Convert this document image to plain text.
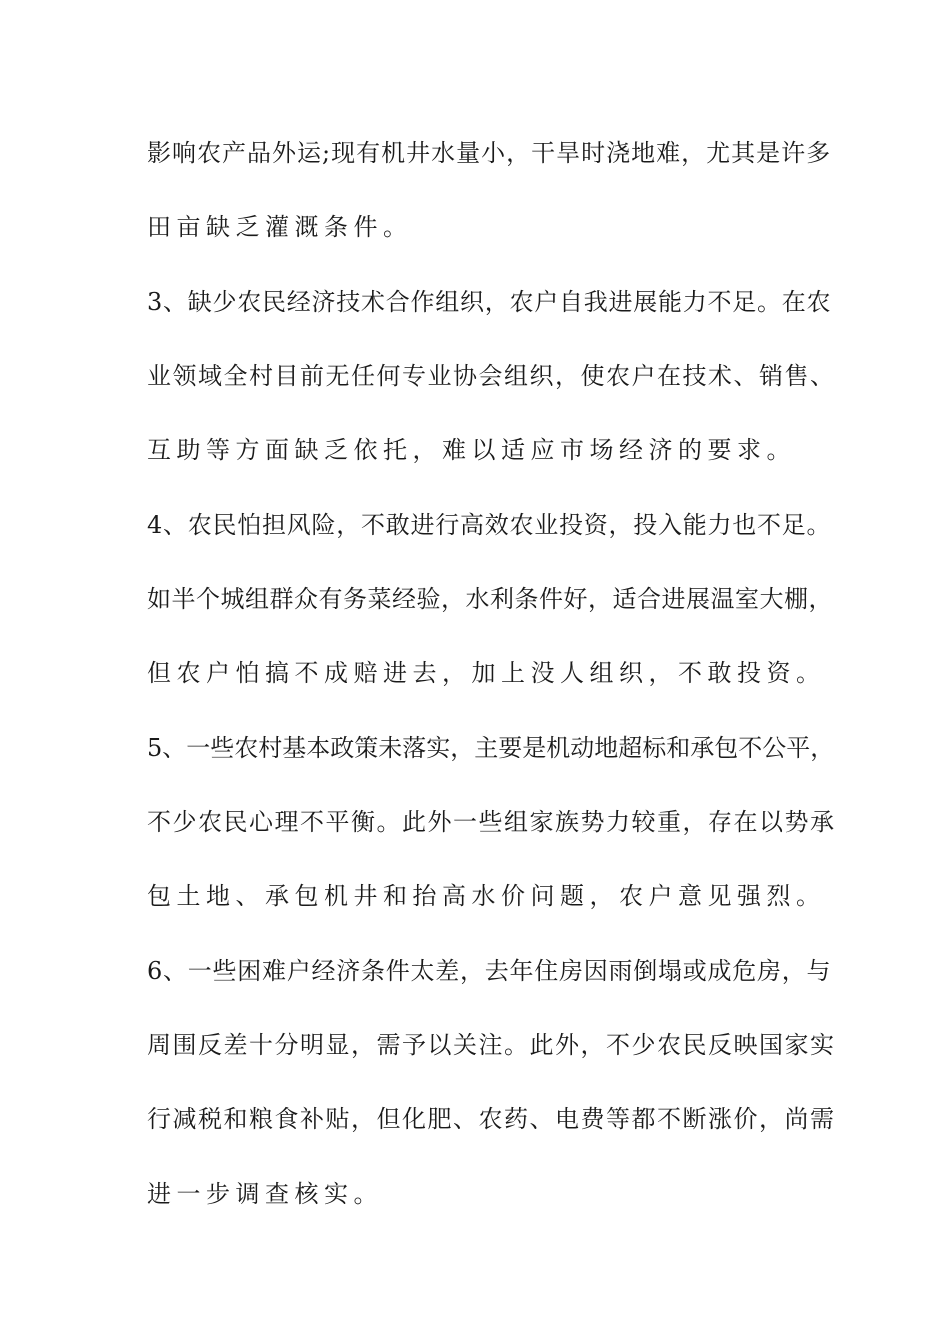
影响农产品外运;现有机井水量小，干旱时浇地难，尤其是许多
田亩缺乏灌溉条件。
3、缺少农民经济技术合作组织，农户自我进展能力不足。在农
业领域全村目前无任何专业协会组织，使农户在技术、销售、
互助等方面缺乏依托，难以适应市场经济的要求。
4、农民怕担风险，不敢进行高效农业投资，投入能力也不足。
如半个城组群众有务菜经验，水利条件好，适合进展温室大棚，
但农户怕搞不成赔进去，加上没人组织，不敢投资。
5、一些农村基本政策未落实，主要是机动地超标和承包不公平，
不少农民心理不平衡。此外一些组家族势力较重，存在以势承
包土地、承包机井和抬高水价问题，农户意见强烈。
6、一些困难户经济条件太差，去年住房因雨倒塌或成危房，与
周围反差十分明显，需予以关注。此外，不少农民反映国家实
行减税和粮食补贴，但化肥、农药、电费等都不断涨价，尚需
进一步调查核实。
